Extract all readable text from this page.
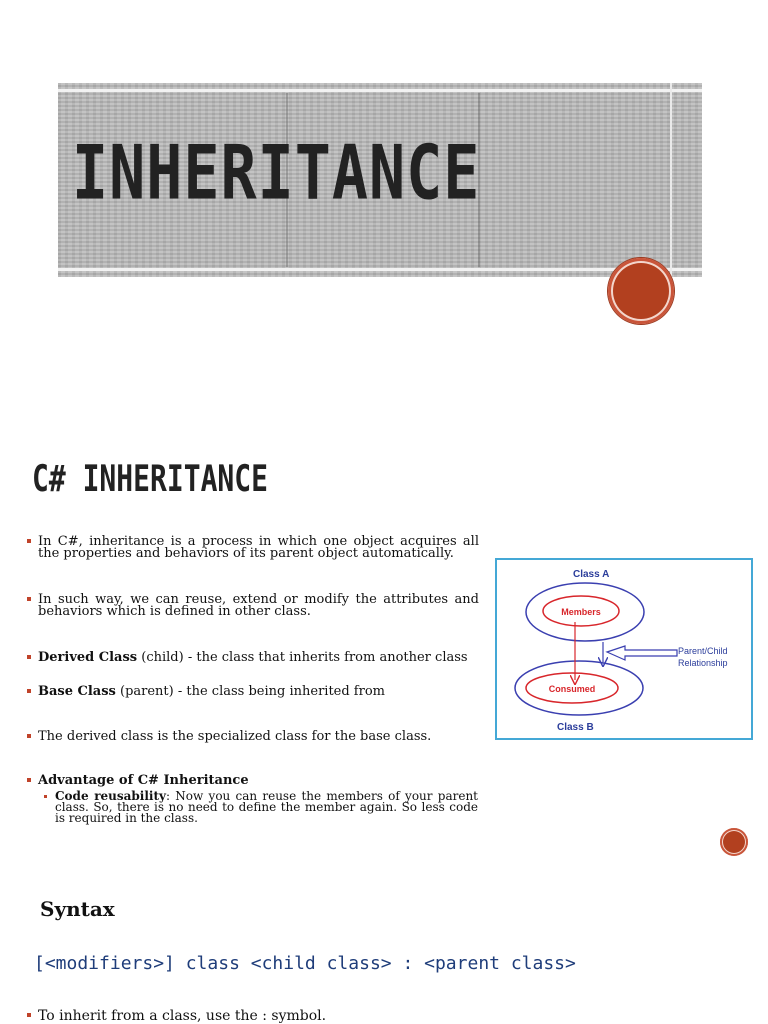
INHERITANCE
C# INHERITANCE
In C#, inheritance is a process in which one object acquires all the properties and behaviors of its parent object automatically.
In such way, we can reuse, extend or modify the attributes and behaviors which is defined in other class.
Derived Class (child) - the class that inherits from another class
Base Class (parent) - the class being inherited from
The derived class is the specialized class for the base class.
Advantage of C# Inheritance
Code reusability: Now you can reuse the members of your parent class. So, there is no need to define the member again. So less code is required in the class.
Class A
Members
Consumed
Parent/Child
Relationship
Class B
Syntax
[<modifiers>] class <child class> : <parent class>
To inherit from a class, use the : symbol.
